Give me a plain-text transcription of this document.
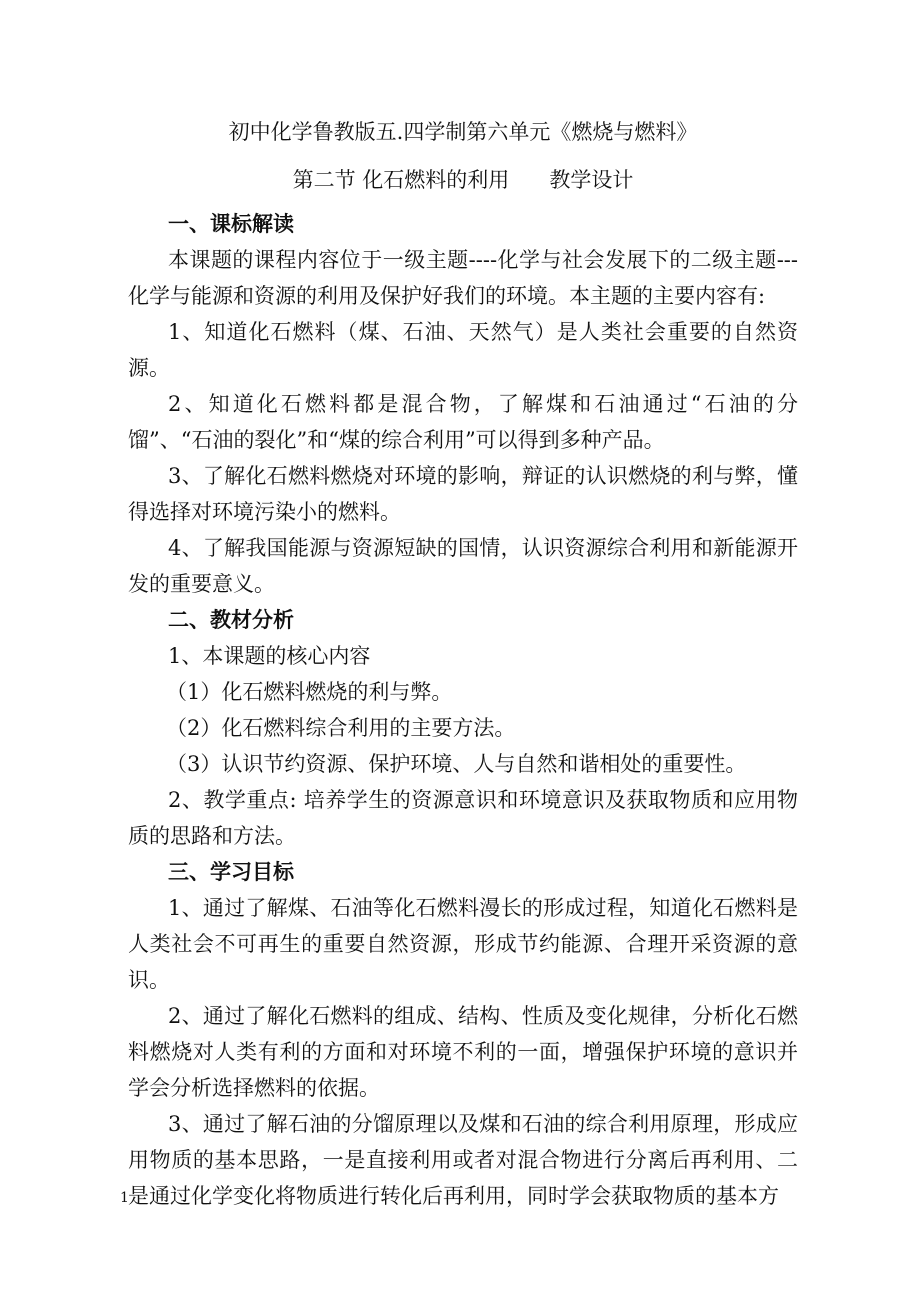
初中化学鲁教版五.四学制第六单元《燃烧与燃料》
第二节 化石燃料的利用      教学设计

一、课标解读

本课题的课程内容位于一级主题----化学与社会发展下的二级主题---化学与能源和资源的利用及保护好我们的环境。本主题的主要内容有:

1、知道化石燃料（煤、石油、天然气）是人类社会重要的自然资源。

2、知道化石燃料都是混合物，了解煤和石油通过“石油的分馏”、“石油的裂化”和“煤的综合利用”可以得到多种产品。

3、了解化石燃料燃烧对环境的影响，辩证的认识燃烧的利与弊，懂得选择对环境污染小的燃料。

4、了解我国能源与资源短缺的国情，认识资源综合利用和新能源开发的重要意义。

二、教材分析

1、本课题的核心内容

（1）化石燃料燃烧的利与弊。

（2）化石燃料综合利用的主要方法。

（3）认识节约资源、保护环境、人与自然和谐相处的重要性。

2、教学重点: 培养学生的资源意识和环境意识及获取物质和应用物质的思路和方法。

三、学习目标

1、通过了解煤、石油等化石燃料漫长的形成过程，知道化石燃料是人类社会不可再生的重要自然资源，形成节约能源、合理开采资源的意识。

2、通过了解化石燃料的组成、结构、性质及变化规律，分析化石燃料燃烧对人类有利的方面和对环境不利的一面，增强保护环境的意识并学会分析选择燃料的依据。

3、通过了解石油的分馏原理以及煤和石油的综合利用原理，形成应用物质的基本思路，一是直接利用或者对混合物进行分离后再利用、二是通过化学变化将物质进行转化后再利用，同时学会获取物质的基本方

1
